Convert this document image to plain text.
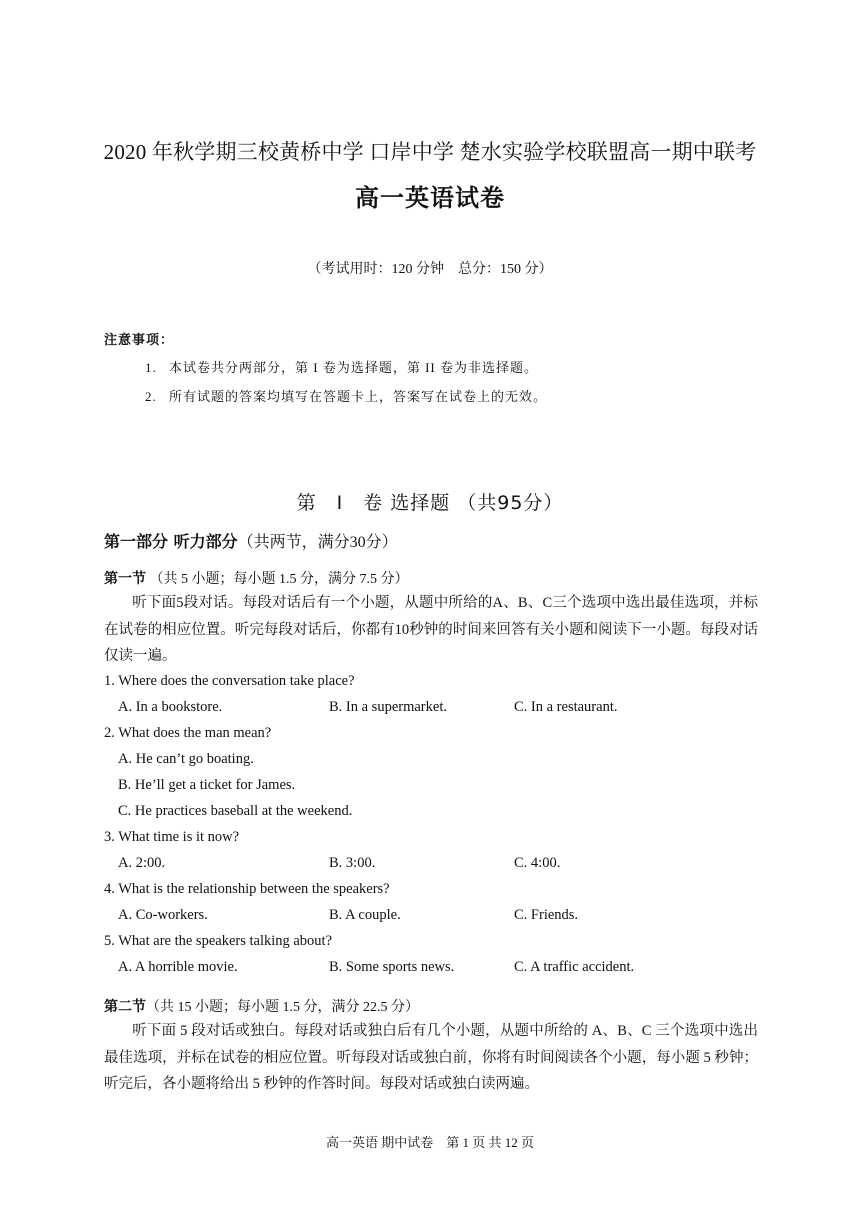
2020 年秋学期三校黄桥中学 口岸中学 楚水实验学校联盟高一期中联考
高一英语试卷
（考试用时：120 分钟　总分：150 分）
注意事项：
1. 本试卷共分两部分，第 I 卷为选择题，第 II 卷为非选择题。
2. 所有试题的答案均填写在答题卡上，答案写在试卷上的无效。
第　I　卷 选择题 （共95分）
第一部分 听力部分（共两节，满分30分）
第一节 （共 5 小题；每小题 1.5 分，满分 7.5 分）
听下面5段对话。每段对话后有一个小题，从题中所给的A、B、C三个选项中选出最佳选项，并标在试卷的相应位置。听完每段对话后，你都有10秒钟的时间来回答有关小题和阅读下一小题。每段对话仅读一遍。
1. Where does the conversation take place?
A. In a bookstore.	B. In a supermarket.	C. In a restaurant.
2. What does the man mean?
A. He can’t go boating.
B. He’ll get a ticket for James.
C. He practices baseball at the weekend.
3. What time is it now?
A. 2:00.	B. 3:00.	C. 4:00.
4. What is the relationship between the speakers?
A. Co-workers.	B. A couple.	C. Friends.
5. What are the speakers talking about?
A. A horrible movie.	B. Some sports news.	C. A traffic accident.
第二节（共 15 小题；每小题 1.5 分，满分 22.5 分）
听下面 5 段对话或独白。每段对话或独白后有几个小题，从题中所给的 A、B、C 三个选项中选出最佳选项，并标在试卷的相应位置。听每段对话或独白前，你将有时间阅读各个小题，每小题 5 秒钟；听完后，各小题将给出 5 秒钟的作答时间。每段对话或独白读两遍。
高一英语 期中试卷　第 1 页 共 12 页
